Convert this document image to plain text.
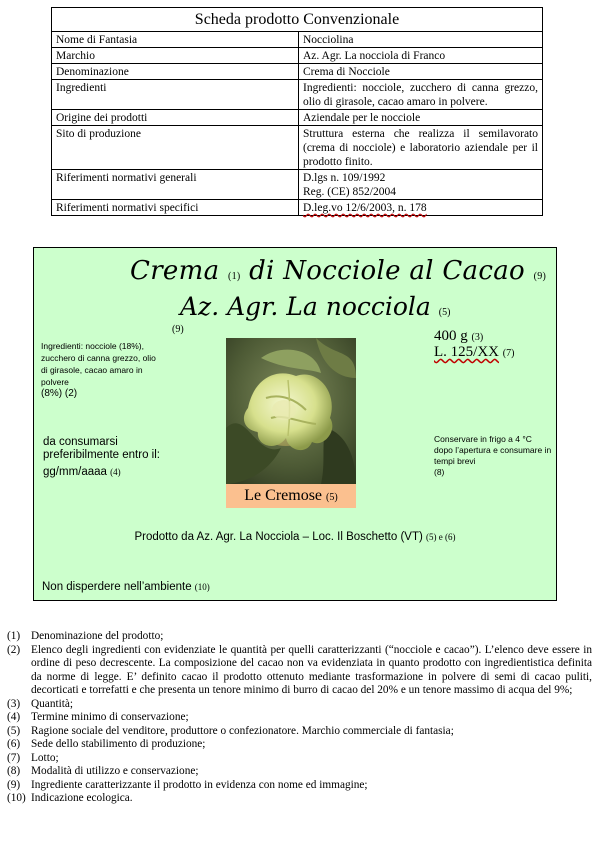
Scheda prodotto Convenzionale	
Nome di Fantasia	Nocciolina
Marchio	Az. Agr. La nocciola di Franco
Denominazione	Crema di Nocciole
Ingredienti	Ingredienti: nocciole, zucchero di canna grezzo, olio di girasole, cacao amaro in polvere.
Origine dei prodotti	Aziendale per le nocciole
Sito di produzione	Struttura esterna che realizza il semilavorato (crema di nocciole) e laboratorio aziendale per il prodotto finito.
Riferimenti normativi generali	D.lgs n. 109/1992
Reg. (CE) 852/2004

Riferimenti normativi specifici	D.leg.vo 12/6/2003, n. 178
Crema (1) di Nocciole al Cacao (9)
Az. Agr. La nocciola (5)
(9)
Ingredienti: nocciole (18%), zucchero di canna grezzo, olio di girasole, cacao amaro in polvere
(8%) (2)
400 g (3)
L. 125/XX (7)
Le Cremose (5)
da consumarsi preferibilmente entro il:
gg/mm/aaaa (4)
Conservare in frigo a 4 °C dopo l’apertura e consumare in tempi brevi
(8)
Prodotto da Az. Agr. La Nocciola – Loc. Il Boschetto (VT) (5) e (6)
Non disperdere nell’ambiente (10)
(1) Denominazione del prodotto;
(2) Elenco degli ingredienti con evidenziate le quantità per quelli caratterizzanti (“nocciole e cacao”). L’elenco deve essere in ordine di peso decrescente. La composizione del cacao non va evidenziata in quanto prodotto con ingredientistica definita da norme di legge. E’ definito cacao il prodotto ottenuto mediante trasformazione in polvere di semi di cacao puliti, decorticati e torrefatti e che presenta un tenore minimo di burro di cacao del 20% e un tenore massimo di acqua del 9%;
(3) Quantità;
(4) Termine minimo di conservazione;
(5) Ragione sociale del venditore, produttore o confezionatore. Marchio commerciale di fantasia;
(6) Sede dello stabilimento di produzione;
(7) Lotto;
(8) Modalità di utilizzo e conservazione;
(9) Ingrediente caratterizzante il prodotto in evidenza con nome ed immagine;
(10) Indicazione ecologica.
